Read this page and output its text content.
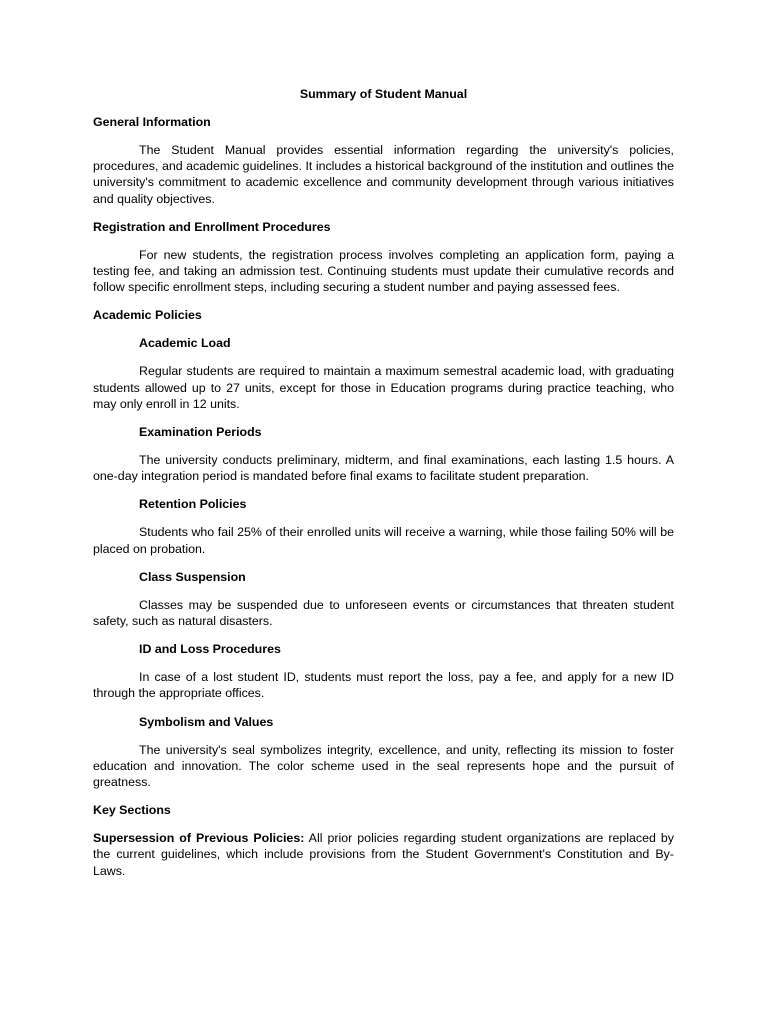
Summary of Student Manual
General Information
The Student Manual provides essential information regarding the university's policies, procedures, and academic guidelines. It includes a historical background of the institution and outlines the university's commitment to academic excellence and community development through various initiatives and quality objectives.
Registration and Enrollment Procedures
For new students, the registration process involves completing an application form, paying a testing fee, and taking an admission test. Continuing students must update their cumulative records and follow specific enrollment steps, including securing a student number and paying assessed fees.
Academic Policies
Academic Load
Regular students are required to maintain a maximum semestral academic load, with graduating students allowed up to 27 units, except for those in Education programs during practice teaching, who may only enroll in 12 units.
Examination Periods
The university conducts preliminary, midterm, and final examinations, each lasting 1.5 hours. A one-day integration period is mandated before final exams to facilitate student preparation.
Retention Policies
Students who fail 25% of their enrolled units will receive a warning, while those failing 50% will be placed on probation.
Class Suspension
Classes may be suspended due to unforeseen events or circumstances that threaten student safety, such as natural disasters.
ID and Loss Procedures
In case of a lost student ID, students must report the loss, pay a fee, and apply for a new ID through the appropriate offices.
Symbolism and Values
The university's seal symbolizes integrity, excellence, and unity, reflecting its mission to foster education and innovation. The color scheme used in the seal represents hope and the pursuit of greatness.
Key Sections
Supersession of Previous Policies: All prior policies regarding student organizations are replaced by the current guidelines, which include provisions from the Student Government's Constitution and By-Laws.
